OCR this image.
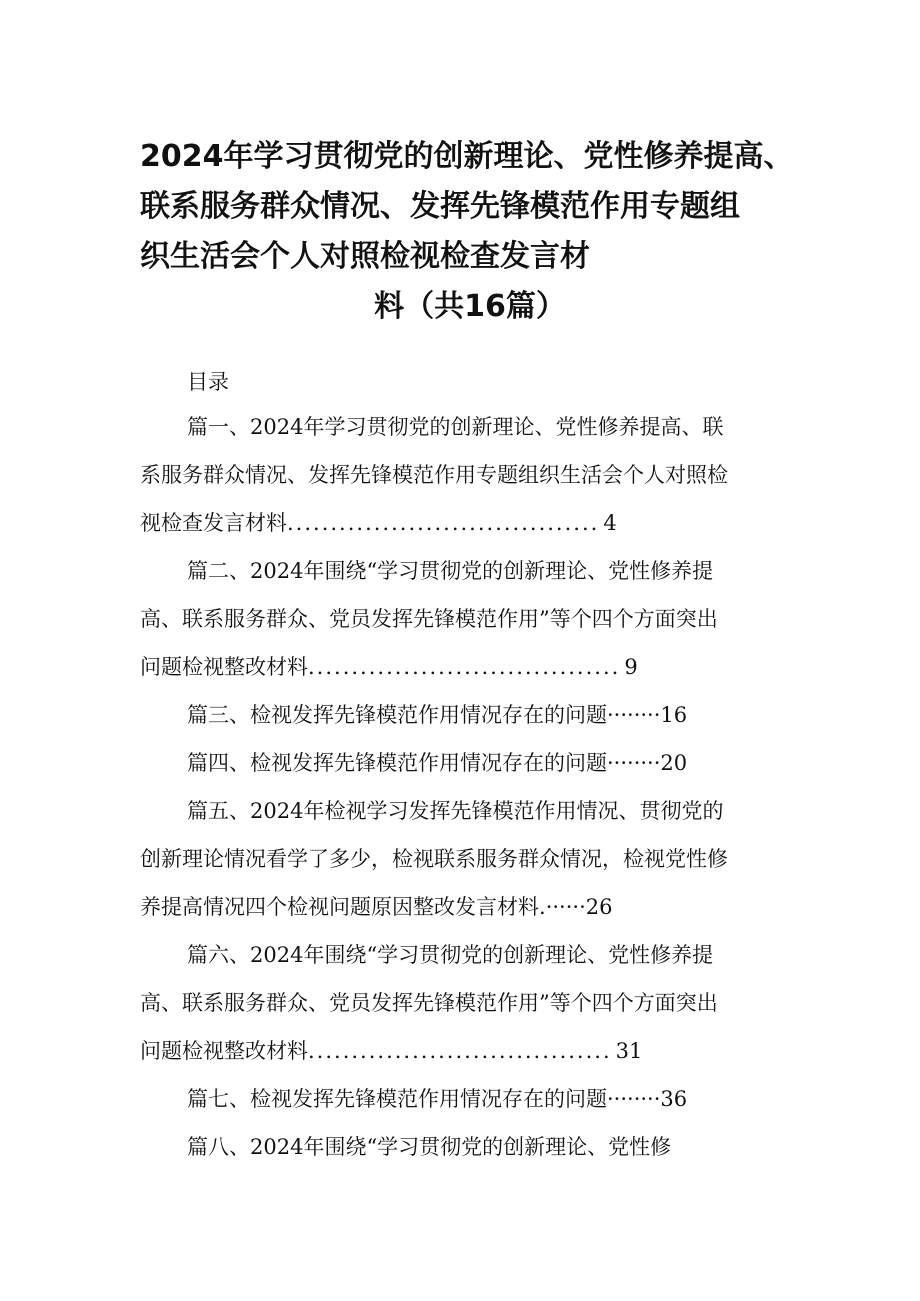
2024年学习贯彻党的创新理论、党性修养提高、
联系服务群众情况、发挥先锋模范作用专题组
织生活会个人对照检视检查发言材
料（共16篇）
目录
篇一、2024年学习贯彻党的创新理论、党性修养提高、联
系服务群众情况、发挥先锋模范作用专题组织生活会个人对照检
视检查发言材料.................................... 4
篇二、2024年围绕“学习贯彻党的创新理论、党性修养提
高、联系服务群众、党员发挥先锋模范作用”等个四个方面突出
问题检视整改材料.................................... 9
篇三、检视发挥先锋模范作用情况存在的问题········16
篇四、检视发挥先锋模范作用情况存在的问题········20
篇五、2024年检视学习发挥先锋模范作用情况、贯彻党的
创新理论情况看学了多少，检视联系服务群众情况，检视党性修
养提高情况四个检视问题原因整改发言材料.······26
篇六、2024年围绕“学习贯彻党的创新理论、党性修养提
高、联系服务群众、党员发挥先锋模范作用”等个四个方面突出
问题检视整改材料................................... 31
篇七、检视发挥先锋模范作用情况存在的问题········36
篇八、2024年围绕“学习贯彻党的创新理论、党性修
